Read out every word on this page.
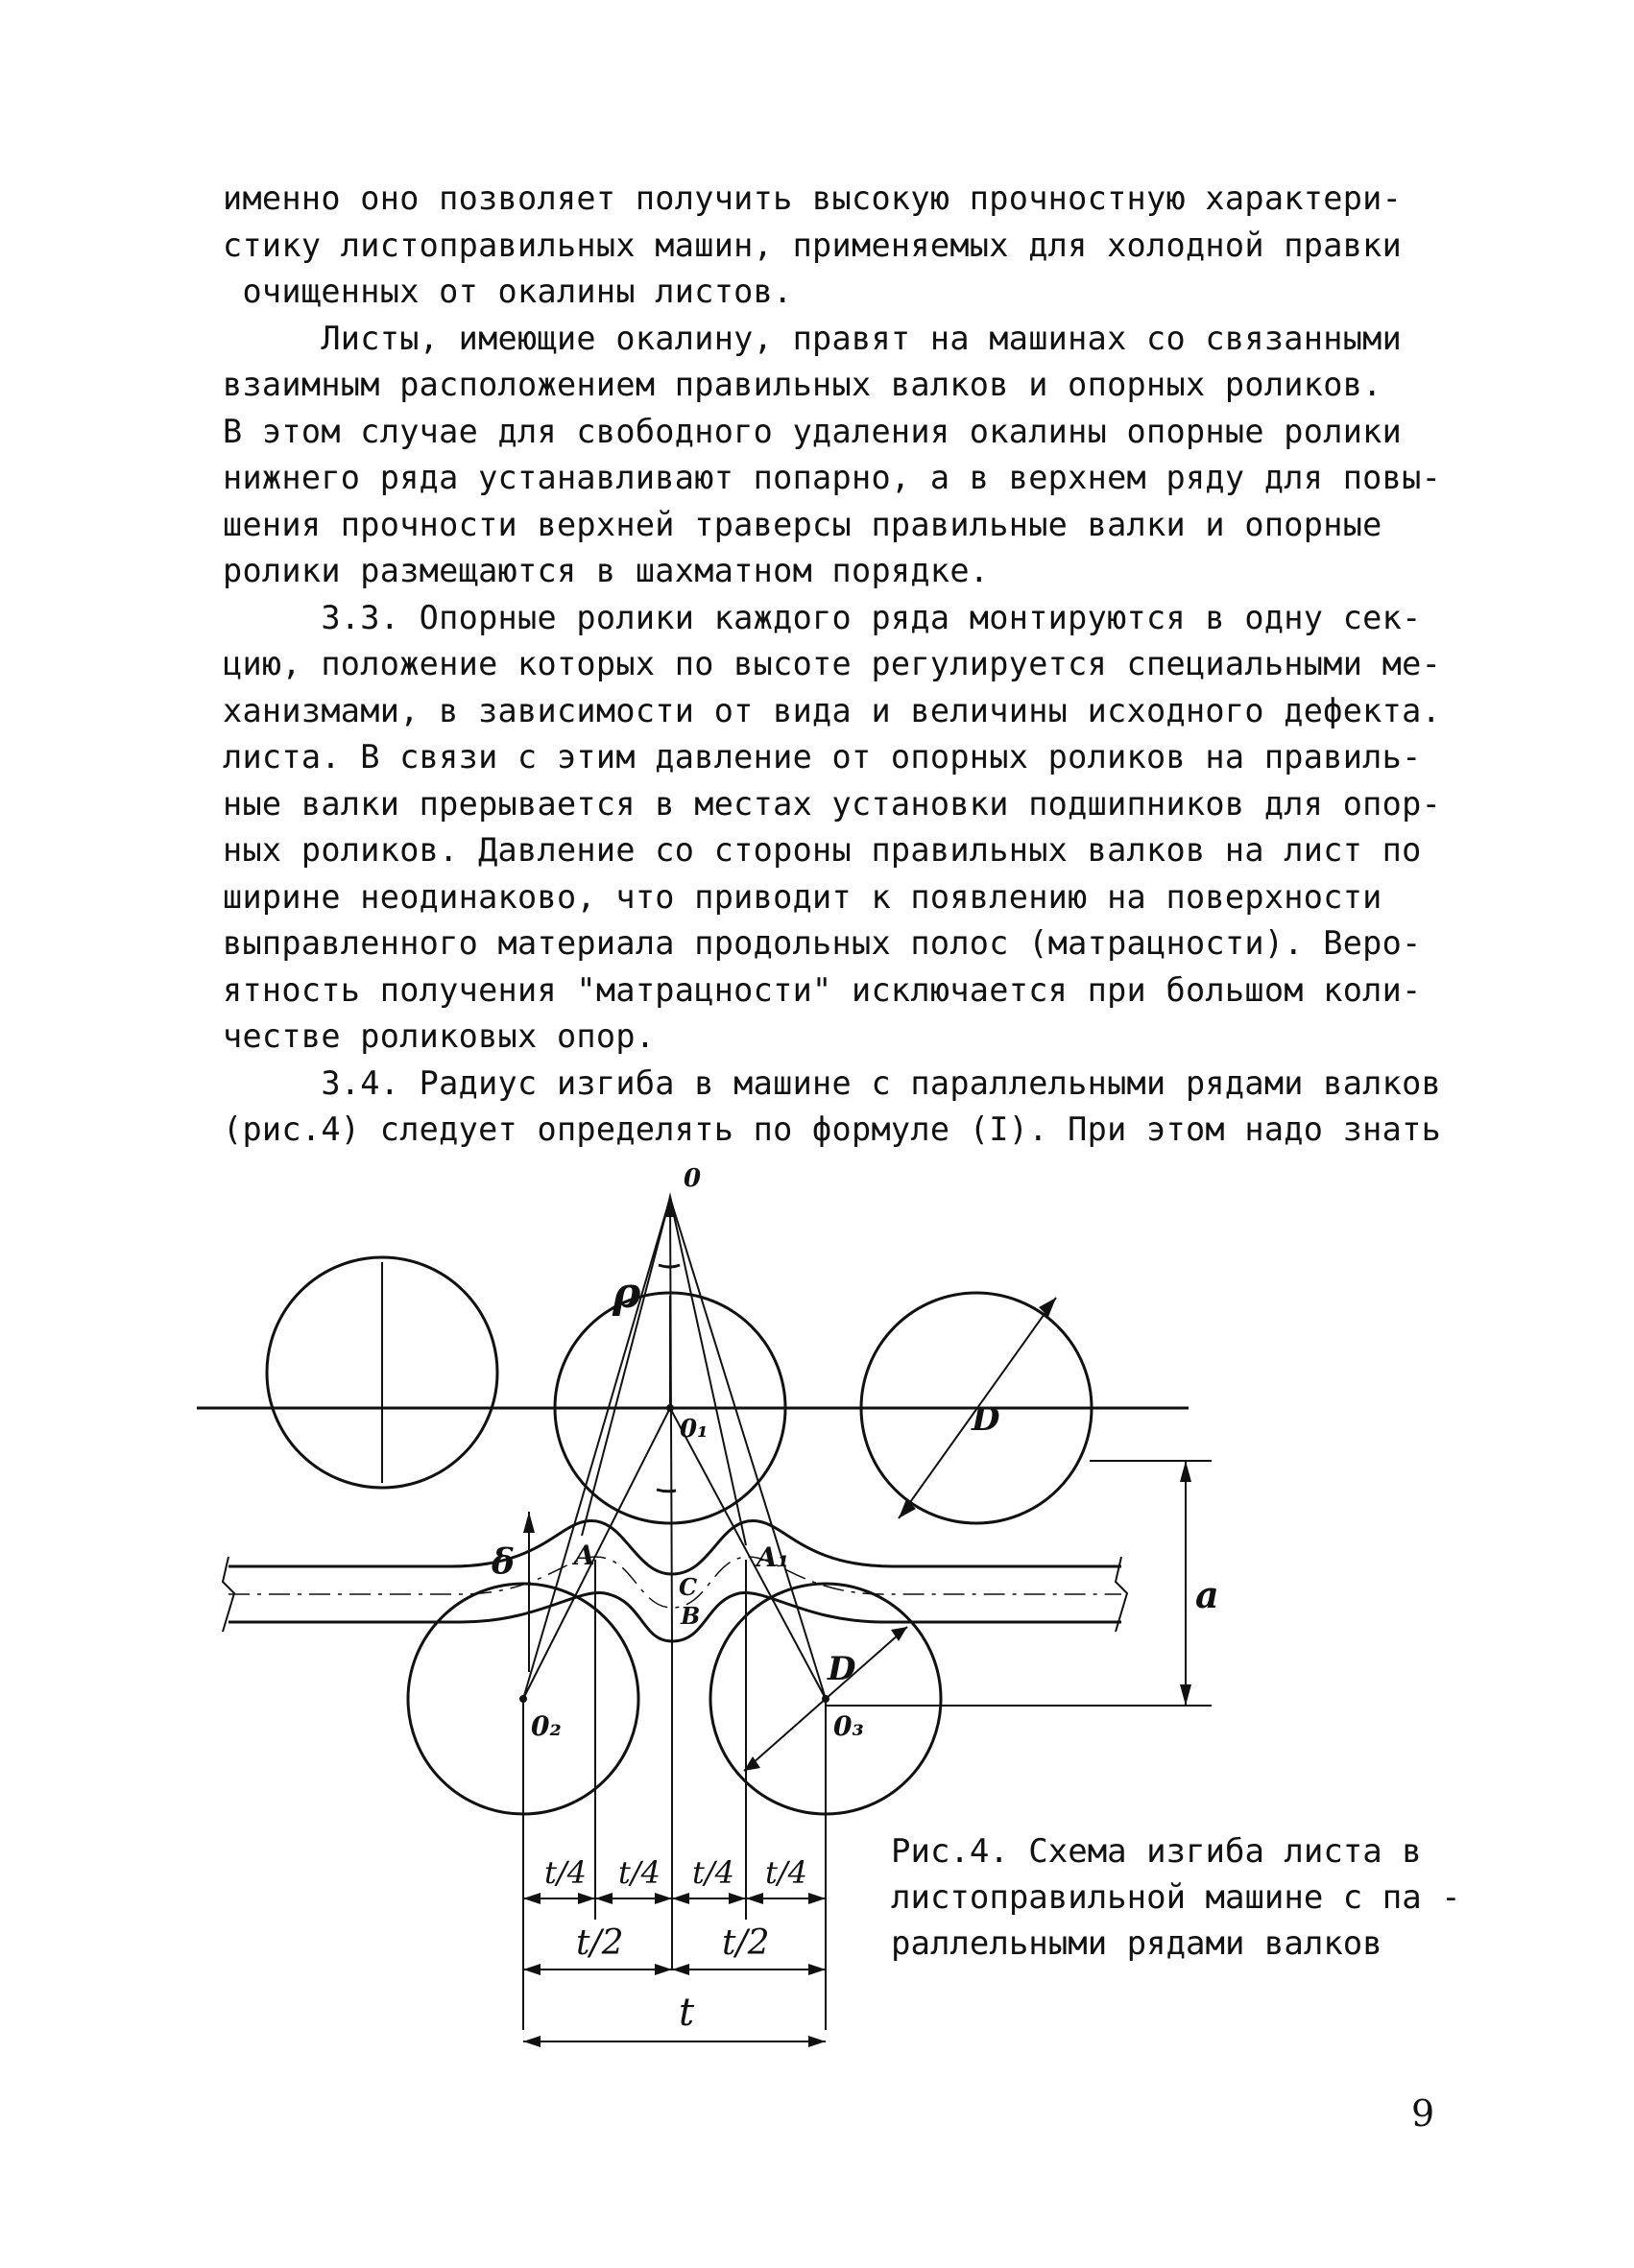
именно оно позволяет получить высокую прочностную характери-
стику листоправильных машин, применяемых для холодной правки
очищенных от окалины листов.
Листы, имеющие окалину, правят на машинах со связанными
взаимным расположением правильных валков и опорных роликов.
В этом случае для свободного удаления окалины опорные ролики
нижнего ряда устанавливают попарно, а в верхнем ряду для повы-
шения прочности верхней траверсы правильные валки и опорные
ролики размещаются в шахматном порядке.
3.3. Опорные ролики каждого ряда монтируются в одну сек-
цию, положение которых по высоте регулируется специальными ме-
ханизмами, в зависимости от вида и величины исходного дефекта.
листа. В связи с этим давление от опорных роликов на правиль-
ные валки прерывается в местах установки подшипников для опор-
ных роликов. Давление со стороны правильных валков на лист по
ширине неодинаково, что приводит к появлению на поверхности
выправленного материала продольных полос (матрацности). Веро-
ятность получения "матрацности" исключается при большом коли-
честве роликовых опор.
3.4. Радиус изгиба в машине с параллельными рядами валков
(рис.4) следует определять по формуле (I). При этом надо знать
0
ρ
0₁
0₂	0₃
D
D
δ A	A₁
C
B	a
t/4 t/4 t/4 t/4
t/2	t/2
t
Рис.4. Схема изгиба листа в
листоправильной машине с па -
раллельными рядами валков
9
